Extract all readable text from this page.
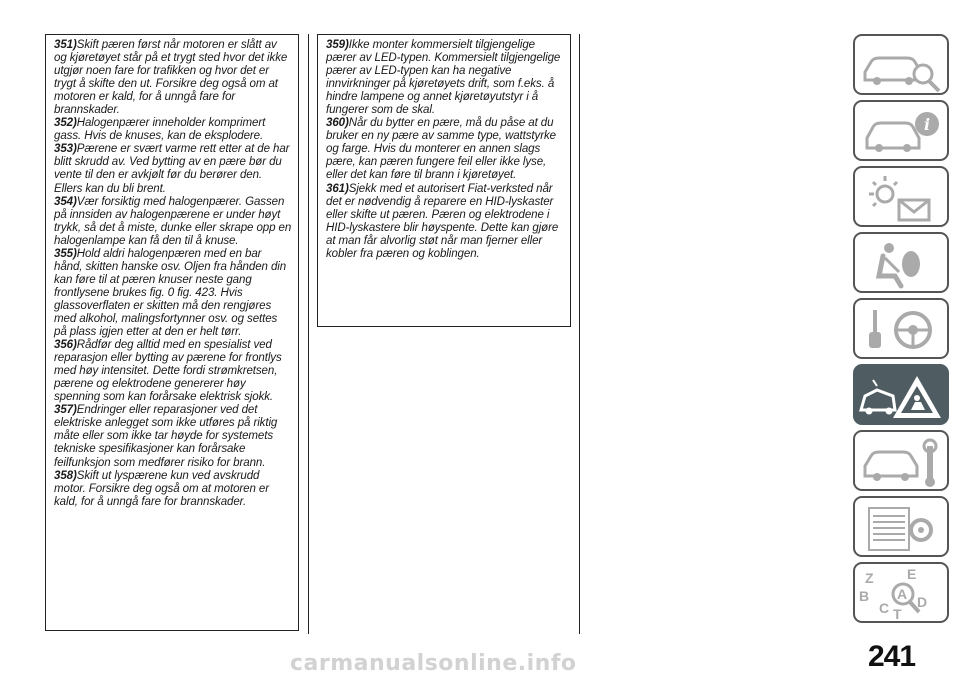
351)Skift pæren først når motoren er slått av og kjøretøyet står på et trygt sted hvor det ikke utgjør noen fare for trafikken og hvor det er trygt å skifte den ut. Forsikre deg også om at motoren er kald, for å unngå fare for brannskader.

352)Halogenpærer inneholder komprimert gass. Hvis de knuses, kan de eksplodere.

353)Pærene er svært varme rett etter at de har blitt skrudd av. Ved bytting av en pære bør du vente til den er avkjølt før du berører den. Ellers kan du bli brent.

354)Vær forsiktig med halogenpærer. Gassen på innsiden av halogenpærene er under høyt trykk, så det å miste, dunke eller skrape opp en halogenlampe kan få den til å knuse.

355)Hold aldri halogenpæren med en bar hånd, skitten hanske osv. Oljen fra hånden din kan føre til at pæren knuser neste gang frontlysene brukes fig. 0 fig. 423. Hvis glassoverflaten er skitten må den rengjøres med alkohol, malingsfortynner osv. og settes på plass igjen etter at den er helt tørr.

356)Rådfør deg alltid med en spesialist ved reparasjon eller bytting av pærene for frontlys med høy intensitet. Dette fordi strømkretsen, pærene og elektrodene genererer høy spenning som kan forårsake elektrisk sjokk.

357)Endringer eller reparasjoner ved det elektriske anlegget som ikke utføres på riktig måte eller som ikke tar høyde for systemets tekniske spesifikasjoner kan forårsake feilfunksjon som medfører risiko for brann.

358)Skift ut lyspærene kun ved avskrudd motor. Forsikre deg også om at motoren er kald, for å unngå fare for brannskader.

359)Ikke monter kommersielt tilgjengelige pærer av LED-typen. Kommersielt tilgjengelige pærer av LED-typen kan ha negative innvirkninger på kjøretøyets drift, som f.eks. å hindre lampene og annet kjøretøyutstyr i å fungerer som de skal.

360)Når du bytter en pære, må du påse at du bruker en ny pære av samme type, wattstyrke og farge. Hvis du monterer en annen slags pære, kan pæren fungere feil eller ikke lyse, eller det kan føre til brann i kjøretøyet.

361)Sjekk med et autorisert Fiat-verksted når det er nødvendig å reparere en HID-lyskaster eller skifte ut pæren. Pæren og elektrodene i HID-lyskastere blir høyspente. Dette kan gjøre at man får alvorlig støt når man fjerner eller kobler fra pæren og koblingen.

i
Z E
B A
C D
T
241
carmanualsonline.info
